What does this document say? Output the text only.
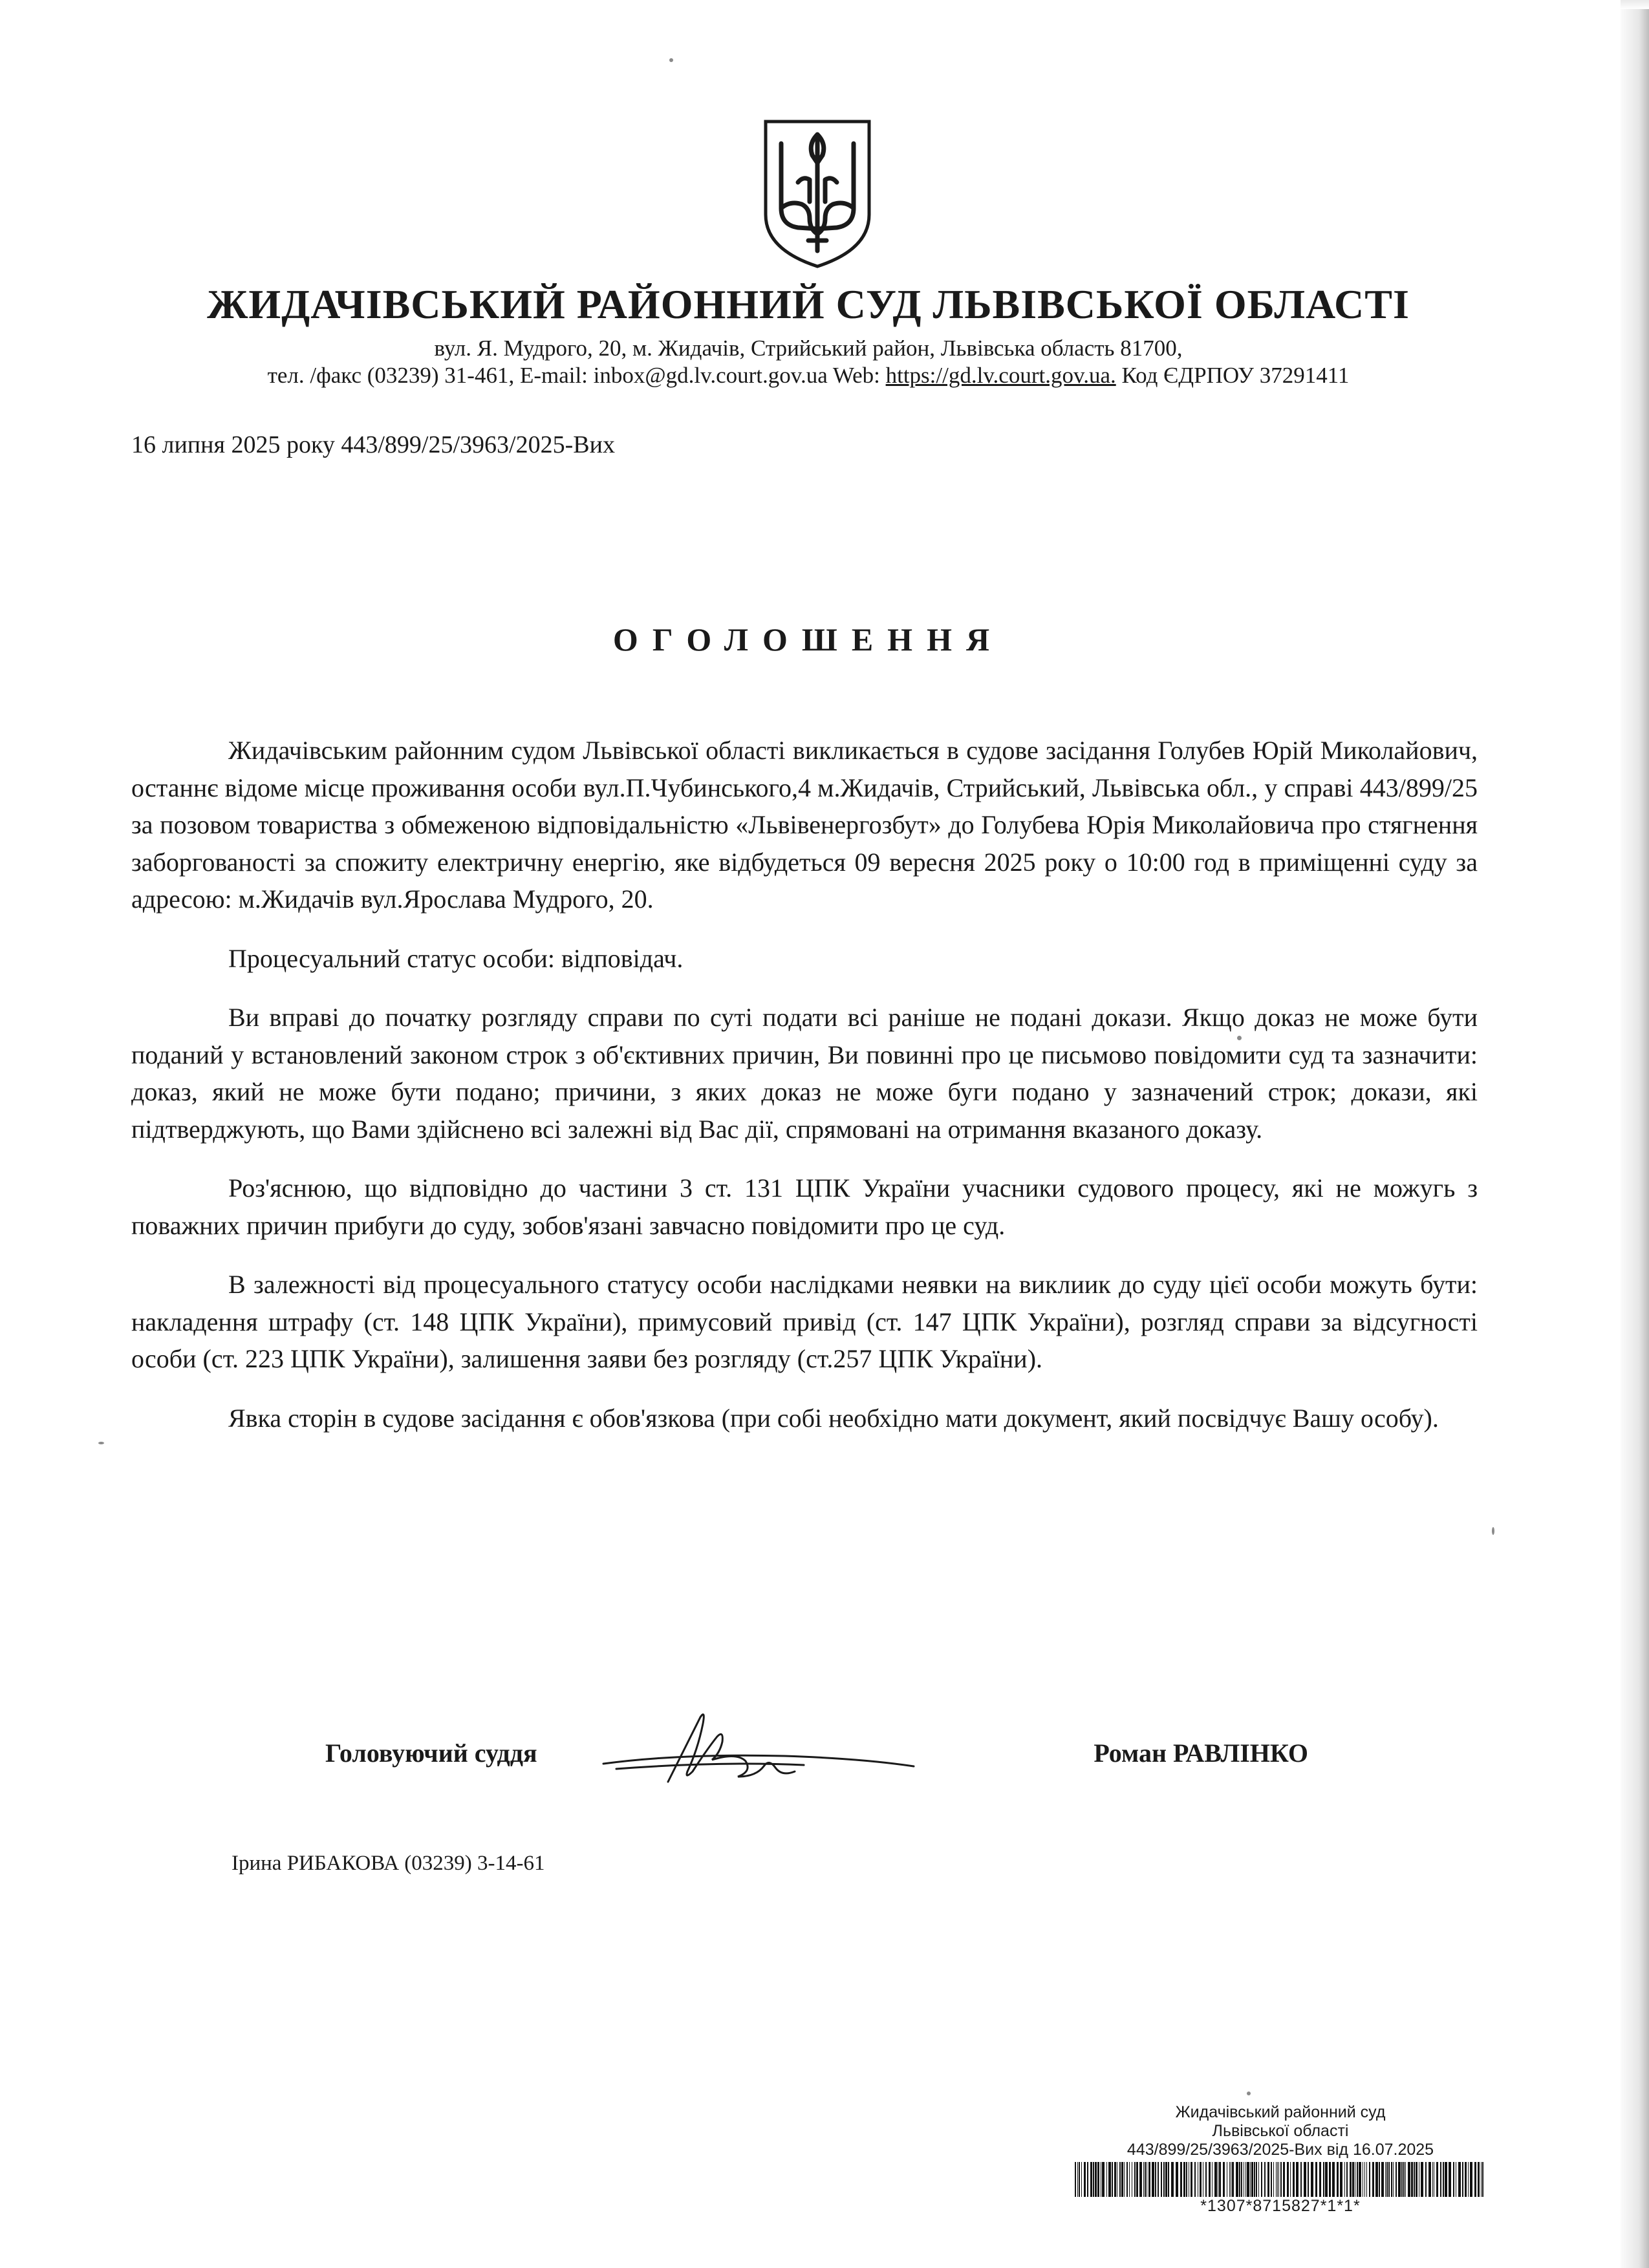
ЖИДАЧІВСЬКИЙ РАЙОННИЙ СУД ЛЬВІВСЬКОЇ ОБЛАСТІ
вул. Я. Мудрого, 20, м. Жидачів, Стрийський район, Львівська область 81700,
тел. /факс (03239) 31-461, E-mail: inbox@gd.lv.court.gov.ua Web: https://gd.lv.court.gov.ua. Код ЄДРПОУ 37291411
16 липня 2025 року 443/899/25/3963/2025-Вих
ОГОЛОШЕННЯ

Жидачівським районним судом Львівської області викликається в судове засідання Голубев Юрій Миколайович, останнє відоме місце проживання особи вул.П.Чубинського,4 м.Жидачів, Стрийський, Львівська обл., у справі 443/899/25 за позовом товариства з обмеженою відповідальністю «Львівенергозбут» до Голубева Юрія Миколайовича про стягнення заборгованості за спожиту електричну енергію, яке відбудеться 09 вересня 2025 року о 10:00 год в приміщенні суду за адресою: м.Жидачів вул.Ярослава Мудрого, 20.

Процесуальний статус особи: відповідач.

Ви вправі до початку розгляду справи по суті подати всі раніше не подані докази. Якщо доказ не може бути поданий у встановлений законом строк з об'єктивних причин, Ви повинні про це письмово повідомити суд та зазначити: доказ, який не може бути подано; причини, з яких доказ не може буги подано у зазначений строк; докази, які підтверджують, що Вами здійснено всі залежні від Вас дії, спрямовані на отримання вказаного доказу.

Роз'яснюю, що відповідно до частини 3 ст. 131 ЦПК України учасники судового процесу, які не можугь з поважних причин прибуги до суду, зобов'язані завчасно повідомити про це суд.

В залежності від процесуального статусу особи наслідками неявки на виклиик до суду цієї особи можуть бути: накладення штрафу (ст. 148 ЦПК України), примусовий привід (ст. 147 ЦПК України), розгляд справи за відсугності особи (ст. 223 ЦПК України), залишення заяви без розгляду (ст.257 ЦПК України).

Явка сторін в судове засідання є обов'язкова (при собі необхідно мати документ, який посвідчує Вашу особу).

Головуючий суддя	Роман РАВЛІНКО
Ірина РИБАКОВА (03239) 3-14-61
Жидачівський районний суд
Львівської області
443/899/25/3963/2025-Вих від 16.07.2025
*1307*8715827*1*1*
